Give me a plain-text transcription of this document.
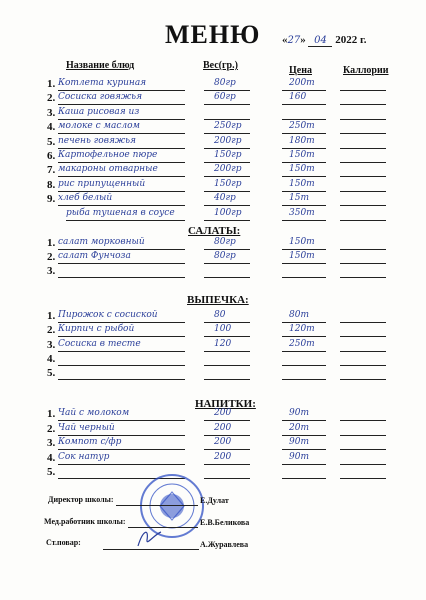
МЕНЮ «27» 04 2022 г.
Название блюд	Вес(гр.)	Цена	Каллории
1. Котлета куриная	80гр	200т
2. Сосиска говяжья	60гр	160
3. Каша рисовая из
4. молоке с маслом	250гр	250т
5. печень говяжья	200гр	180т
6. Картофельное пюре	150гр	150т
7. макароны отварные	200гр	150т
8. рис припущенный	150гр	150т
9. хлеб белый	40гр	15т
рыба тушеная в соусе	100гр	350т
САЛАТЫ:
1. салат морковный	80гр	150т
2. салат Фунчоза	80гр	150т
3.
ВЫПЕЧКА:
1. Пирожок с сосиской	80	80т
2. Кирпич с рыбой	100	120т
3. Сосиска в тесте	120	250т
4.
5.
НАПИТКИ:
1. Чай с молоком	200	90т
2. Чай черный	200	20т
3. Компот с/фр	200	90т
4. Сок натур	200	90т
5.
Директор школы:	Е.Дулат
Мед.работник школы:	Е.В.Беликова
Ст.повар:	А.Журавлева
